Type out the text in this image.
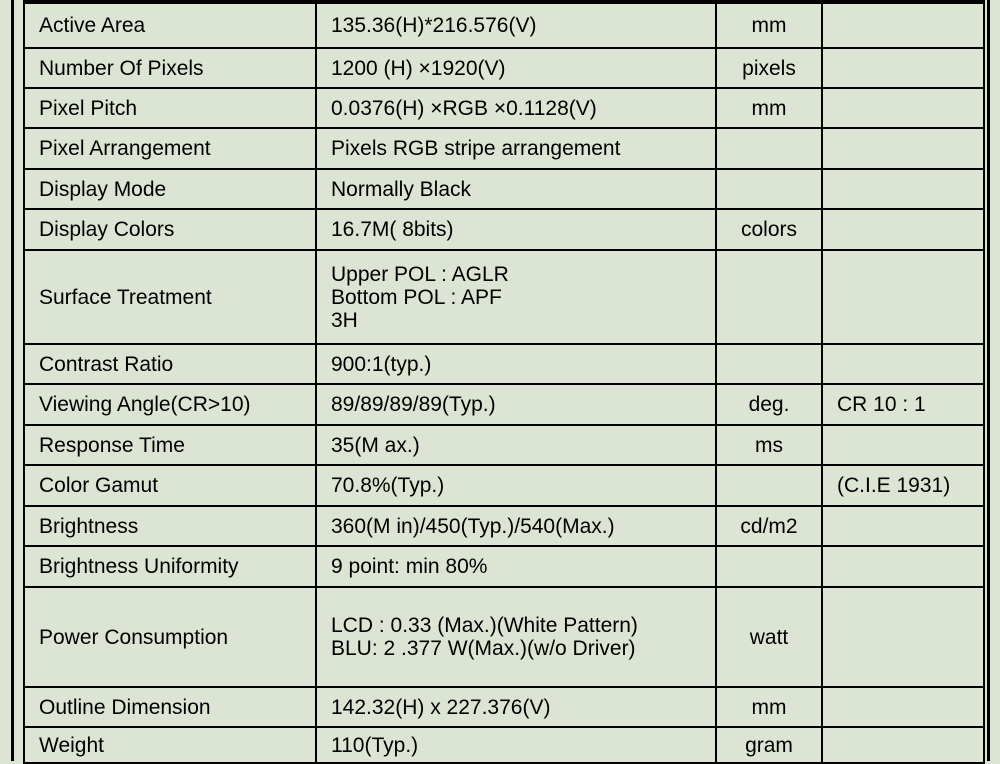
Active Area	135.36(H)*216.576(V)	mm	
Number Of Pixels	1200 (H) ×1920(V)	pixels	
Pixel Pitch	0.0376(H) ×RGB ×0.1128(V)	mm	
Pixel Arrangement	Pixels RGB stripe arrangement		

Display Mode	Normally Black		

Display Colors	16.7M( 8bits)	colors	
Surface Treatment	Upper POL : AGLR
Bottom POL : APF
3H		

Contrast Ratio	900:1(typ.)		

Viewing Angle(CR>10)	89/89/89/89(Typ.)	deg.	CR 10 : 1
Response Time	35(M ax.)	ms	
Color Gamut	70.8%(Typ.)		(C.I.E 1931)
Brightness	360(M in)/450(Typ.)/540(Max.)	cd/m2	
Brightness Uniformity	9 point: min 80%		

Power Consumption	LCD : 0.33 (Max.)(White Pattern)
BLU: 2 .377 W(Max.)(w/o Driver)	watt	
Outline Dimension	142.32(H) x 227.376(V)	mm	
Weight	110(Typ.)	gram	
